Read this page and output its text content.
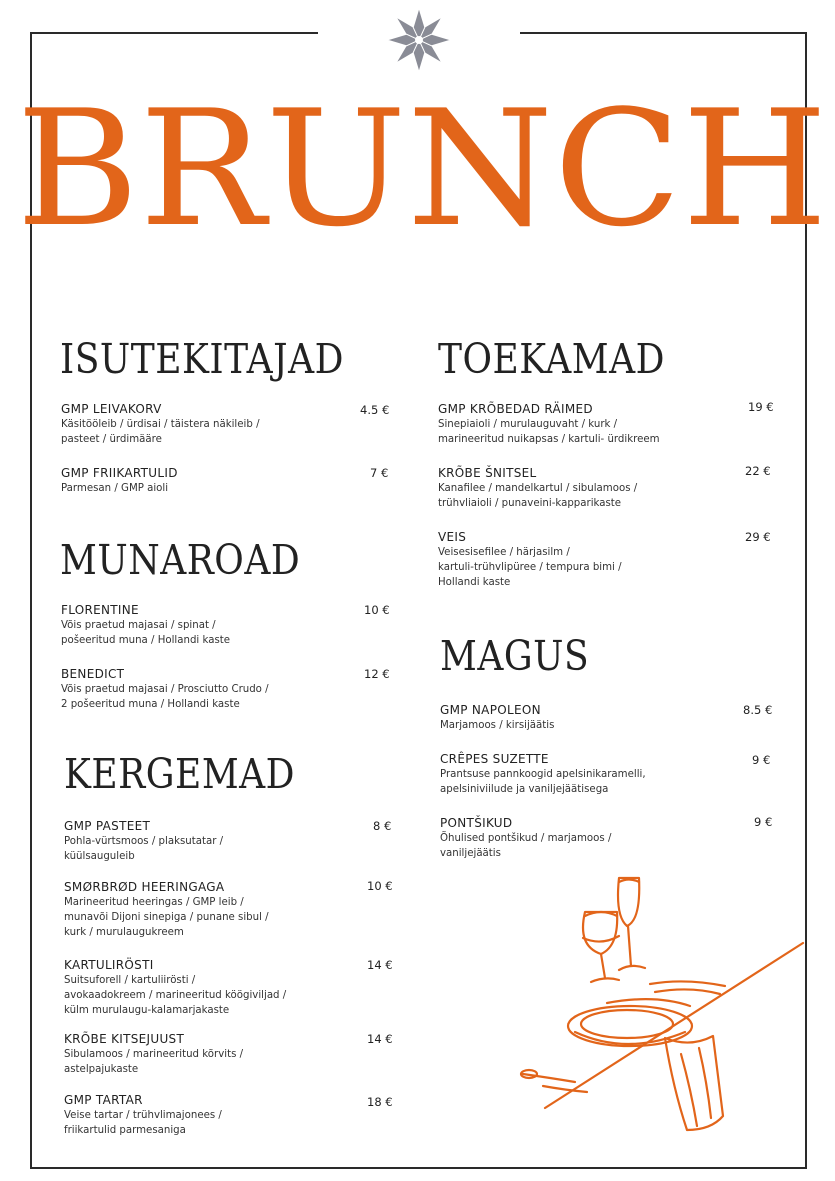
BRUNCH
ISUTEKITAJAD
GMP LEIVAKORV
Käsitööleib / ürdisai / täistera näkileib /
pasteet / ürdimääre
4.5 €
GMP FRIIKARTULID
Parmesan / GMP aioli
7 €
MUNAROAD
FLORENTINE
Võis praetud majasai / spinat /
pošeeritud muna / Hollandi kaste
10 €
BENEDICT
Võis praetud majasai / Prosciutto Crudo /
2 pošeeritud muna / Hollandi kaste
12 €
KERGEMAD
GMP PASTEET
Pohla-vürtsmoos / plaksutatar /
küülsauguleib
8 €
SMØRBRØD HEERINGAGA
Marineeritud heeringas / GMP leib /
munavõi Dijoni sinepiga / punane sibul /
kurk / murulaugukreem
10 €
KARTULIRÖSTI
Suitsuforell / kartuliirösti /
avokaadokreem / marineeritud köögiviljad /
külm murulaugu-kalamarjakaste
14 €
KRÕBE KITSEJUUST
Sibulamoos / marineeritud kõrvits /
astelpajukaste
14 €
GMP TARTAR
Veise tartar / trühvlimajonees /
friikartulid parmesaniga
18 €
TOEKAMAD
GMP KRÕBEDAD RÄIMED
Sinepiaioli / murulauguvaht / kurk /
marineeritud nuikapsas / kartuli- ürdikreem
19 €
KRÕBE ŠNITSEL
Kanafilee / mandelkartul / sibulamoos /
trühvliaioli / punaveini-kapparikaste
22 €
VEIS
Veisesisefilee / härjasilm /
kartuli-trühvlipüree / tempura bimi /
Hollandi kaste
29 €
MAGUS
GMP NAPOLEON
Marjamoos / kirsijäätis
8.5 €
CRÊPES SUZETTE
Prantsuse pannkoogid apelsinikaramelli,
apelsiniviilude ja vaniljejäätisega
9 €
PONTŠIKUD
Õhulised pontšikud / marjamoos /
vaniljejäätis
9 €
